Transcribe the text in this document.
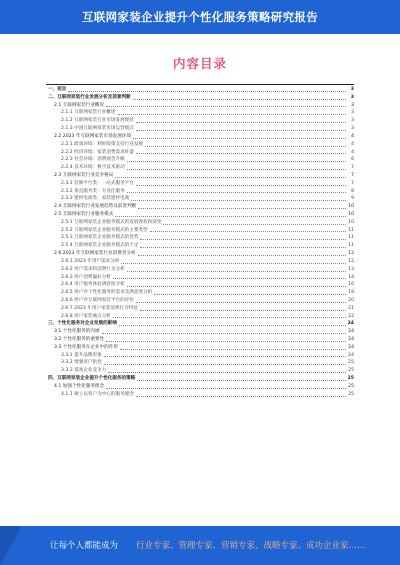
互联网家装企业提升个性化服务策略研究报告
内容目录
一、前言	3
二、互联网家装行业发展分析及前景判断	3
2.1 互联网家装行业概况	3
2.1.1 互联网家装行业概述	3
2.1.2 互联网家装行业市场发展现状	3
2.1.3 中国互联网家装市场运营模式	3
2.2 2023 年互联网家装市场发展环境	4
2.2.1 政策环境：利好政策支持行业发展	4
2.2.2 经济环境：家装消费需求旺盛	4
2.2.3 社会环境：消费观念升级	6
2.2.4 技术环境：数字技术驱动	7
2.3 互联网家装行业竞争格局	7
2.3.1 装修平台类：一站式服务平台	7
2.3.2 垂直服务类：专业化服务	8
2.3.3 建材电商类：家装建材电商	9
2.4 互联网家装行业发展趋势及前景判断	10
2.5 互联网家装行业服务模式	10
2.5.1 互联网家装企业服务模式的发展现状和演变	10
2.5.2 互联网家装企业服务模式的主要类型	11
2.5.3 互联网家装企业服务模式的优势	11
2.5.4 互联网家装企业服务模式的不足	11
2.6 2023 年互联网家装行业消费者分析	12
2.6.1 2023 年用户需求分析	12
2.6.2 用户需求和消费行为分析	13
2.6.3 用户消费偏好分析	14
2.6.4 用户服务体验满意度分析	16
2.6.5 用户对个性化服务的需求及满意度分析	19
2.6.6 用户对互联网家装平台的评价	20
2.6.7 2023 年用户家装消费行为特征	21
2.6.8 用户家装痛点分析	22
三、个性化服务对企业发展的影响	24
3.1 个性化服务的内涵	24
3.2 个性化服务的重要性	24
3.3 个性化服务在企业中的作用	24
3.3.1 提升品牌形象	24
3.3.2 增强客户粘性	25
3.3.3 提高企业竞争力	25
四、互联网家装企业提升个性化服务的策略	25
4.1 加强个性化服务理念	25
4.1.1 树立以客户为中心的服务理念	25
让每个人都能成为 行业专家、管理专家、营销专家、战略专家、成功企业家……
